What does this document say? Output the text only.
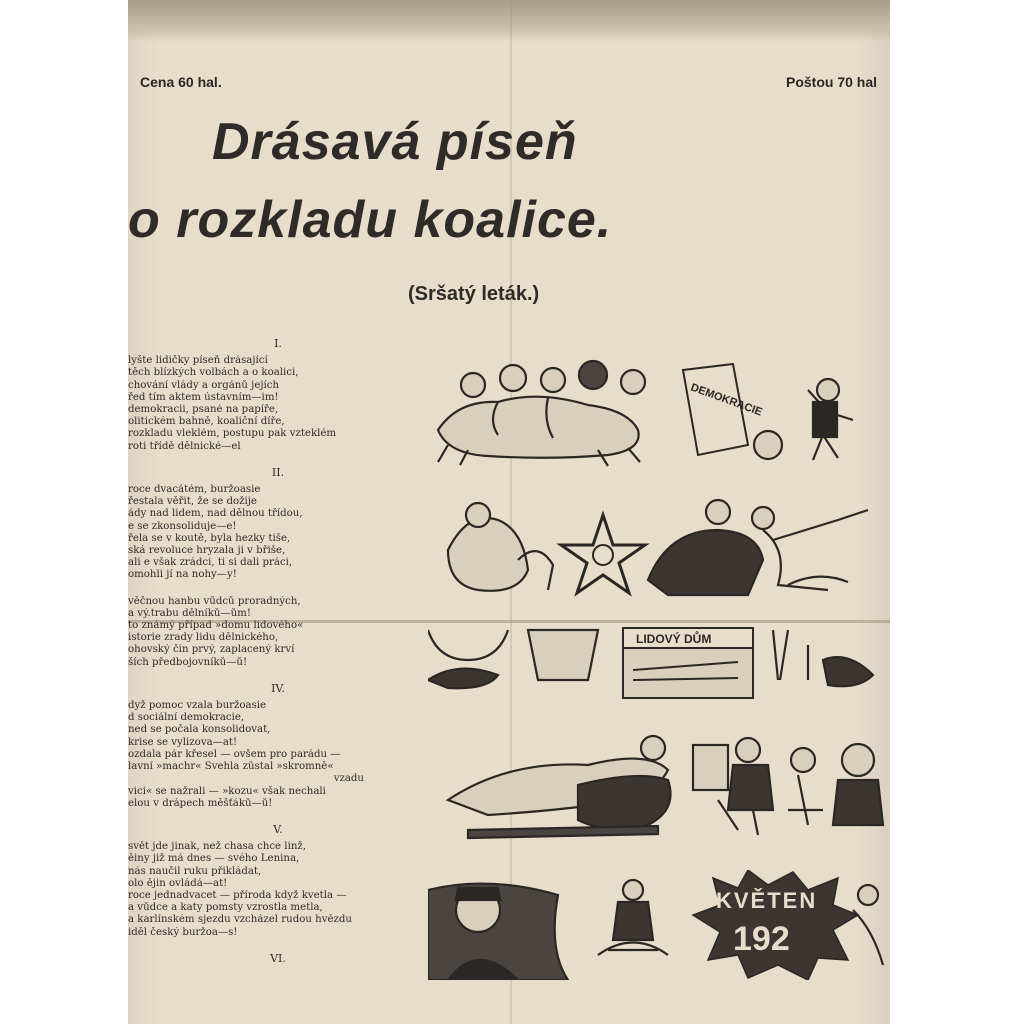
Cena 60 hal.	Poštou 70 hal
Drásavá píseň
o rozkladu koalice.
(Sršatý leták.)
I.
lyšte lidičky píseň drásající
těch blízkých volbách a o koalici,
chování vlády a orgánů jejích
řed tím aktem ústavním—im!
demokracii, psané na papíře,
olitickém bahně, koaliční díře,
rozkladu vleklém, postupu pak vzteklém
roti třídě dělnické—el
II.
roce dvacátém, buržoasie
řestala věřit, že se dožije
ády nad lidem, nad dělnou třídou,
e se zkonsoliduje—e!
řela se v koutě, byla hezky tiše,
ská revoluce hryzala ji v břiše,
ali e však zrádci, ti si dali práci,
omohli jí na nohy—y!
věčnou hanbu vůdců proradných,
a vý.trabu dělníků—ům!
to známý případ »domu lidového«
istorie zrady lidu dělnického,
ohovský čin prvý, zaplacený krví
ších předbojovníků—ů!
IV.
dyž pomoc vzala buržoasie
d sociální demokracie,
ned se počala konsolidovat,
krise se vylizova—at!
ozdala pár křesel — ovšem pro parádu —
lavní »machr« Švehla zůstal »skromně«
vzadu
vici« se nažrali — »kozu« však nechali
elou v drápech měšťáků—ů!
V.
svět jde jinak, než chasa chce linž,
ěiny již má dnes — svého Lenina,
nás naučil ruku přikládat,
olo ějin ovládá—at!
roce jednadvacet — příroda když kvetla —
a vůdce a katy pomsty vzrostla metla,
a karlínském sjezdu vzcházel rudou hvězdu
iděl český buržoa—s!
VI.
DEMOKRACIE
LIDOVÝ DŮM
KVĚTEN
192
